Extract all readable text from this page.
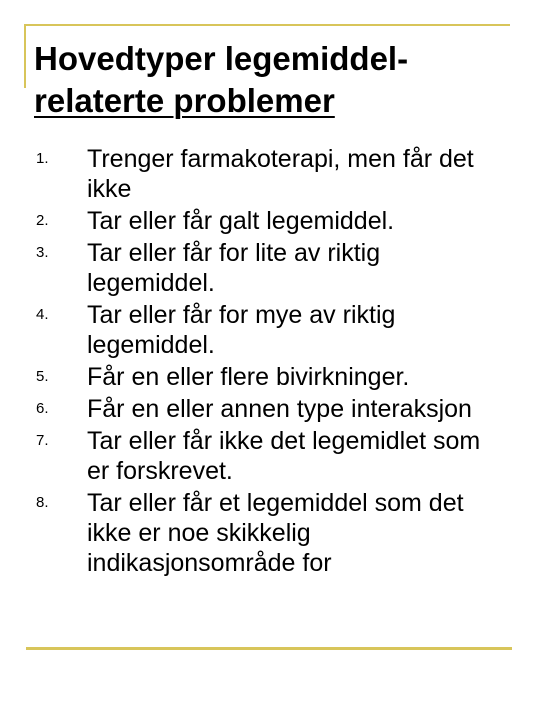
Hovedtyper legemiddel-
relaterte problemer
1. Trenger farmakoterapi, men får det ikke
2. Tar eller får galt legemiddel.
3. Tar eller får for lite av riktig legemiddel.
4. Tar eller får for mye av riktig legemiddel.
5. Får en eller flere bivirkninger.
6. Får en eller annen type interaksjon
7. Tar eller får ikke det legemidlet som er forskrevet.
8. Tar eller får et legemiddel som det ikke er noe skikkelig indikasjonsområde for
